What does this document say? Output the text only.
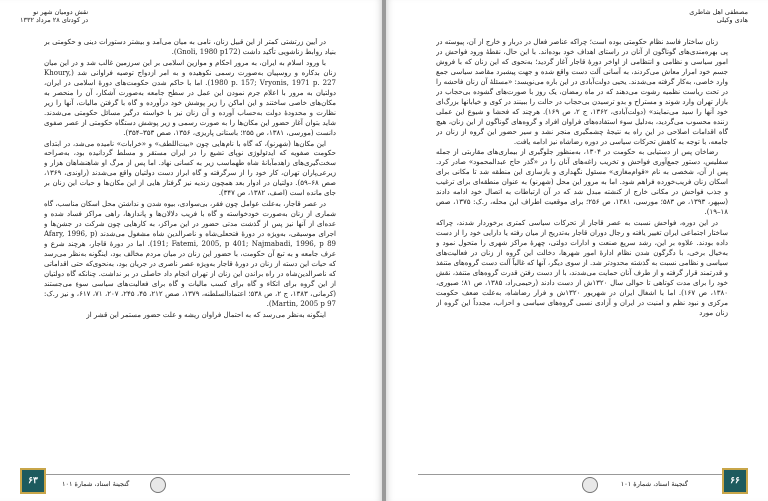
نقش دومیان شهر نو
در کودتای ۲۸ مرداد ۱۳۳۲

در آیین زرتشتی کمتر از این قبیل زنان، نامی به میان می‌آمد و بیشتر دستورات دینی و حکومتی بر بنیاد روابط زناشویی تأکید داشت (Gnoli, 1980 p172).

با ورود اسلام به ایران، به مرور احکام و موازین اسلامی بر این سرزمین غالب شد و در این میان زنان بدکاره و روسپیان به‌صورت رسمی نکوهیده و به امر ازدواج توصیه فراوانی شد (Khoury, 1980 p. 157; Vryonis, 1971 p. 227). اما با حاکم شدن حکومت‌های دورهٔ اسلامی در ایران، دولتیان به مرور با اعلام جرم نمودن این عمل در سطح جامعه به‌صورت آشکار، آن را منحصر به مکان‌های خاصی ساختند و این اماکن را زیر پوشش خود درآورده و گاه با گرفتن مالیات، آنها را زیر نظارت و محدودهٔ دولت به‌حساب آورده و آن زنان نیز با خواسته درگیر مسائل حکومتی می‌شدند. شاید بتوان آغاز حضور این مکان‌ها را به صورت رسمی و زیر پوشش دستگاه حکومتی از عصر صفوی دانست (مورسی، ۱۳۸۱، ص ۲۵۵؛ باستانی پاریزی، ۱۳۵۶، صص ۳۵۳–۳۵۴).

این مکان‌ها (شهرنو)، که گاه با نام‌هایی چون «بیت‌اللطف» و «خرابات» نامیده می‌شد، در ابتدای حکومت صفویه که ایدئولوژی نوپای تشیع را در ایران مستقر و مسلط گردانیده بود، به‌صراحه سخت‌گیری‌های زاهدمآبانهٔ شاه طهماسب زیر به کسانی نهاد. اما پس از مرگ او شاهنشاهان هزار و زیرعی‌پاران تهران، کار خود را از سرگرفته و گاه ابراز دست دولتیان واقع می‌شدند (راوندی، ۱۳۶۹، صص ۶۸–۵۹). دولتیان در ادوار بعد همچون زندیه نیز گرفتار هایی از این مکان‌ها و حیات این زنان بر جای مانده است (اصف، ۱۳۸۲، ص ۳۴۷).

در عصر قاجار، به‌علت عوامل چون فقر، بی‌سوادی، بیوه شدن و نداشتن محل اسکان مناسب، گاه شماری از زنان به‌صورت خودخواسته و گاه با فریب دلالان‌ها و پاندازها، راهی مراکز فساد شده و عده‌ای از آنها نیز پس از گذشت مدتی حضور در این مراکز، به کارهایی چون شرکت در جشن‌ها و اجرای موسیقی، به‌ویژه در دورهٔ فتحعلی‌شاه و ناصرالدین شاه مشغول می‌شدند (Afary, 1996, p 191; Fatemi, 2005, p 401; Najmabadi, 1996, p 89). اما در دورهٔ قاجار، هرچند شرع و عرف جامعه و به تبع آن حکومت، با حضور این زنان در میان مردم مخالف بود، اینگونه به‌نظر می‌رسد که حیات این دسته از زنان در دورهٔ قاجار به‌ویژه عصر ناصری در جریان بود، به‌نحوی‌که حتی اقداماتی که ناصرالدین‌شاه در راه براندن این زنان از تهران انجام داد حاصلی در بر نداشت. چنانکه گاه دولتیان از این گروه برای اتکاء و گاه برای کسب مالیات و گاه برای فعالیت‌های سیاسی سوءِ می‌جستند (کرمانی، ۱۳۸۳، ج ۲، ص ۵۳۸؛ اعتمادالسلطنه، ۱۳۷۹، صص ۲۱۲، ۴۵، ۲۴۵، ۲۰۷، ۷۱، ۶۱۷، و نیز ر.ک: Martin, 2005 p 97).

اینگونه به‌نظر می‌رسد که به احتمال فراوان ریشه و علت حضور مستمر این قشر از

۶۳	گنجینهٔ اسناد، شمارهٔ ۱۰۱
مصطفی اهل شاطری
هادی وکیلی

زنان ساختار فاسد نظام حکومتی بوده است؛ چراکه عناصر فعال در دربار و خارج از آن، پیوسته در پی بهره‌مندی‌های گوناگون از آنان در راستای اهداف خود بوده‌اند. با این حال، نقطهٔ ورود فواحش در امور سیاسی و نظامی و انتظامی از اواخر دورهٔ قاجار آغاز گردید؛ به‌نحوی که این زنان که با فروش جسم خود امرار معاش می‌کردند، به آسانی آلت دست واقع شده و جهت پیشبرد مقاصد سیاسی جمع وارد خاصی، به‌کار گرفته می‌شدند. یحیی دولت‌آبادی در این باره می‌نویسد: «مسئلهٔ آن زنان فاحشه را در تحت ریاست نظمیه رشوت می‌دهند که در ماه رمضان، یک روز با صورت‌های گشوده بی‌حجاب در بازار تهران وارد شوند و مستراح و بدو ترسیدن بی‌حجاب در حالت را ببینند در کوی و خیابانها بزرگ‌ای خود آنها را سید می‌نمایند» (دولت‌آبادی، ۱۳۶۲، ج ۲، ص ۱۶۹). هرچند که فحشا و شیوع این عملی زننده محسوب می‌گردید، به‌دلیل سوء استفاده‌های فراوان افراد و گروه‌های گوناگون از این زنان، هیچ گاه اقدامات اصلاحی در این راه به نتیجهٔ چشمگیری منجر نشد و سیر حضور این گروه از زنان در جامعه، با توجه به کاهش تحرکات سیاسی در دوره رضاشاه نیز ادامه یافت.

رضاخان پس از دستیابی به حکومت در ۱۳۰۴، به‌منظور جلوگیری از بیماری‌های مقاربتی از جمله سفلیس، دستور جمع‌آوری فواحش و تخریب زاغه‌های آنان را در «گذر حاج عبدالمحمود» صادر کرد. پس از آن، شخصی به نام «قوام‌مغازی» مسئول نگهداری و بازسازی این منطقه شد تا مکانی برای اسکان زنان فریب‌خورده فراهم شود. اما به مرور این محل (شهرنو) به عنوان منطقه‌ای برای ترغیب و جذب فواحش در مکانی خارج از کنشته مبدل شد که در آن ارتباطات به اتصال خود ادامه دادند (سپهر، ۱۳۹۳، ص ۵۸۳؛ مورسی، ۱۳۸۱، ص ۲۵۶؛ برای موقعیت اطراف این محله، ر.ک: ۱۳۷۵، صص ۱۸–۱۹).

در این دوره، فواحش نسبت به عصر قاجار از تحرکات سیاسی کمتری برخوردار شدند، چراکه ساختار اجتماعی ایران تغییر یافته و رجال دوران قاجار به‌تدریج از میان رفته یا دارایی خود را از دست داده بودند. علاوه بر این، رشد سریع صنعت و ادارات دولتی، چهرهٔ مراکز شهری را متحول نمود و به‌خیال برخی، با دگرگون شدن نظام ادارهٔ امور شهرها، دخالت این گروه از زنان در فعالیت‌های سیاسی و نظامی نسبت به گذشته محدودتر شد. از سوی دیگر، آنها که غالباً آلت دست گروه‌های متنفذ و قدرتمند قرار گرفته و از طرف آنان حمایت می‌شدند، با از دست رفتن قدرت گروه‌های متنفذ، نقش خود را برای مدت کوتاهی تا حوالی سال ۱۳۲۰ش از دست دادند (رحیمی‌راد، ۱۳۸۵، ص ۸۱؛ صبوری، ۱۳۸۰، ص ۱۶۷). اما با اشغال ایران در شهریور ۱۳۲۰ش و فرار رضاشاه، به‌علت ضعف حکومت مرکزی و نبود نظم و امنیت در ایران و آزادی نسبی گروه‌های سیاسی و احزاب، مجدداً این گروه از زنان مورد

۶۶
گنجینهٔ اسناد، شمارهٔ ۱۰۱
